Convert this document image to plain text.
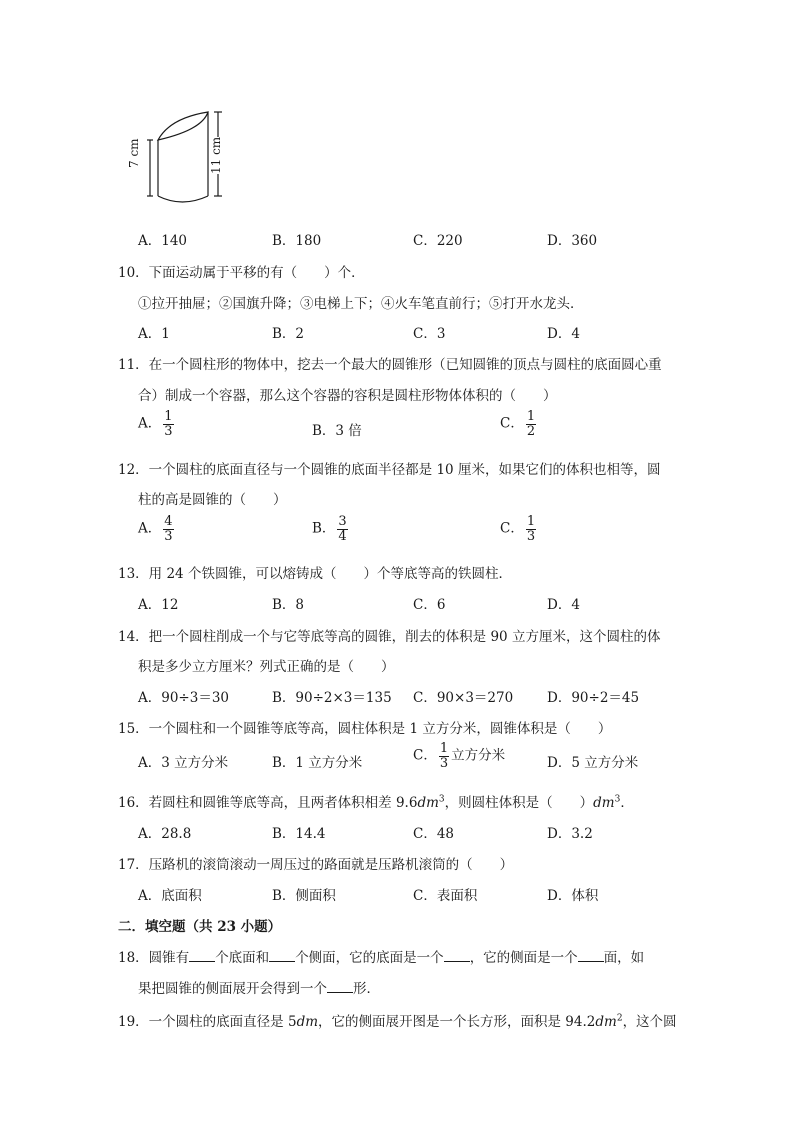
7 cm	11 cm
A．140	B．180	C．220	D．360
10．下面运动属于平移的有（　　）个．
①拉开抽屉；②国旗升降；③电梯上下；④火车笔直前行；⑤打开水龙头．
A．1	B．2	C．3	D．4
11．在一个圆柱形的物体中，挖去一个最大的圆锥形（已知圆锥的顶点与圆柱的底面圆心重
合）制成一个容器，那么这个容器的容积是圆柱形物体体积的（　　）
A． $\frac{1}{3}$	B．3 倍	C． $\frac{1}{2}$
12．一个圆柱的底面直径与一个圆锥的底面半径都是 10 厘米，如果它们的体积也相等，圆
柱的高是圆锥的（　　）
A． $\frac{4}{3}$	B． $\frac{3}{4}$	C． $\frac{1}{3}$
13．用 24 个铁圆锥，可以熔铸成（　　）个等底等高的铁圆柱．
A．12	B．8	C．6	D．4
14．把一个圆柱削成一个与它等底等高的圆锥，削去的体积是 90 立方厘米，这个圆柱的体
积是多少立方厘米？列式正确的是（　　）
A．90÷3＝30	B．90÷2×3＝135 C．90×3＝270	D．90÷2＝45
15．一个圆柱和一个圆锥等底等高，圆柱体积是 1 立方分米，圆锥体积是（　　）
A．3 立方分米	B．1 立方分米	C． $\frac{1}{3}$ 立方分米	D．5 立方分米
16．若圆柱和圆锥等底等高，且两者体积相差 $9.6dm^3$，则圆柱体积是（　　）$dm^3$．
A．28.8	B．14.4	C．48	D．3.2
17．压路机的滚筒滚动一周压过的路面就是压路机滚筒的（　　）
A．底面积	B．侧面积	C．表面积	D．体积
二．填空题（共 23 小题）
18．圆锥有 个底面和 个侧面，它的底面是一个 ，它的侧面是一个 面，如
果把圆锥的侧面展开会得到一个 形．
19．一个圆柱的底面直径是 5dm，它的侧面展开图是一个长方形，面积是 $94.2dm^2$，这个圆
